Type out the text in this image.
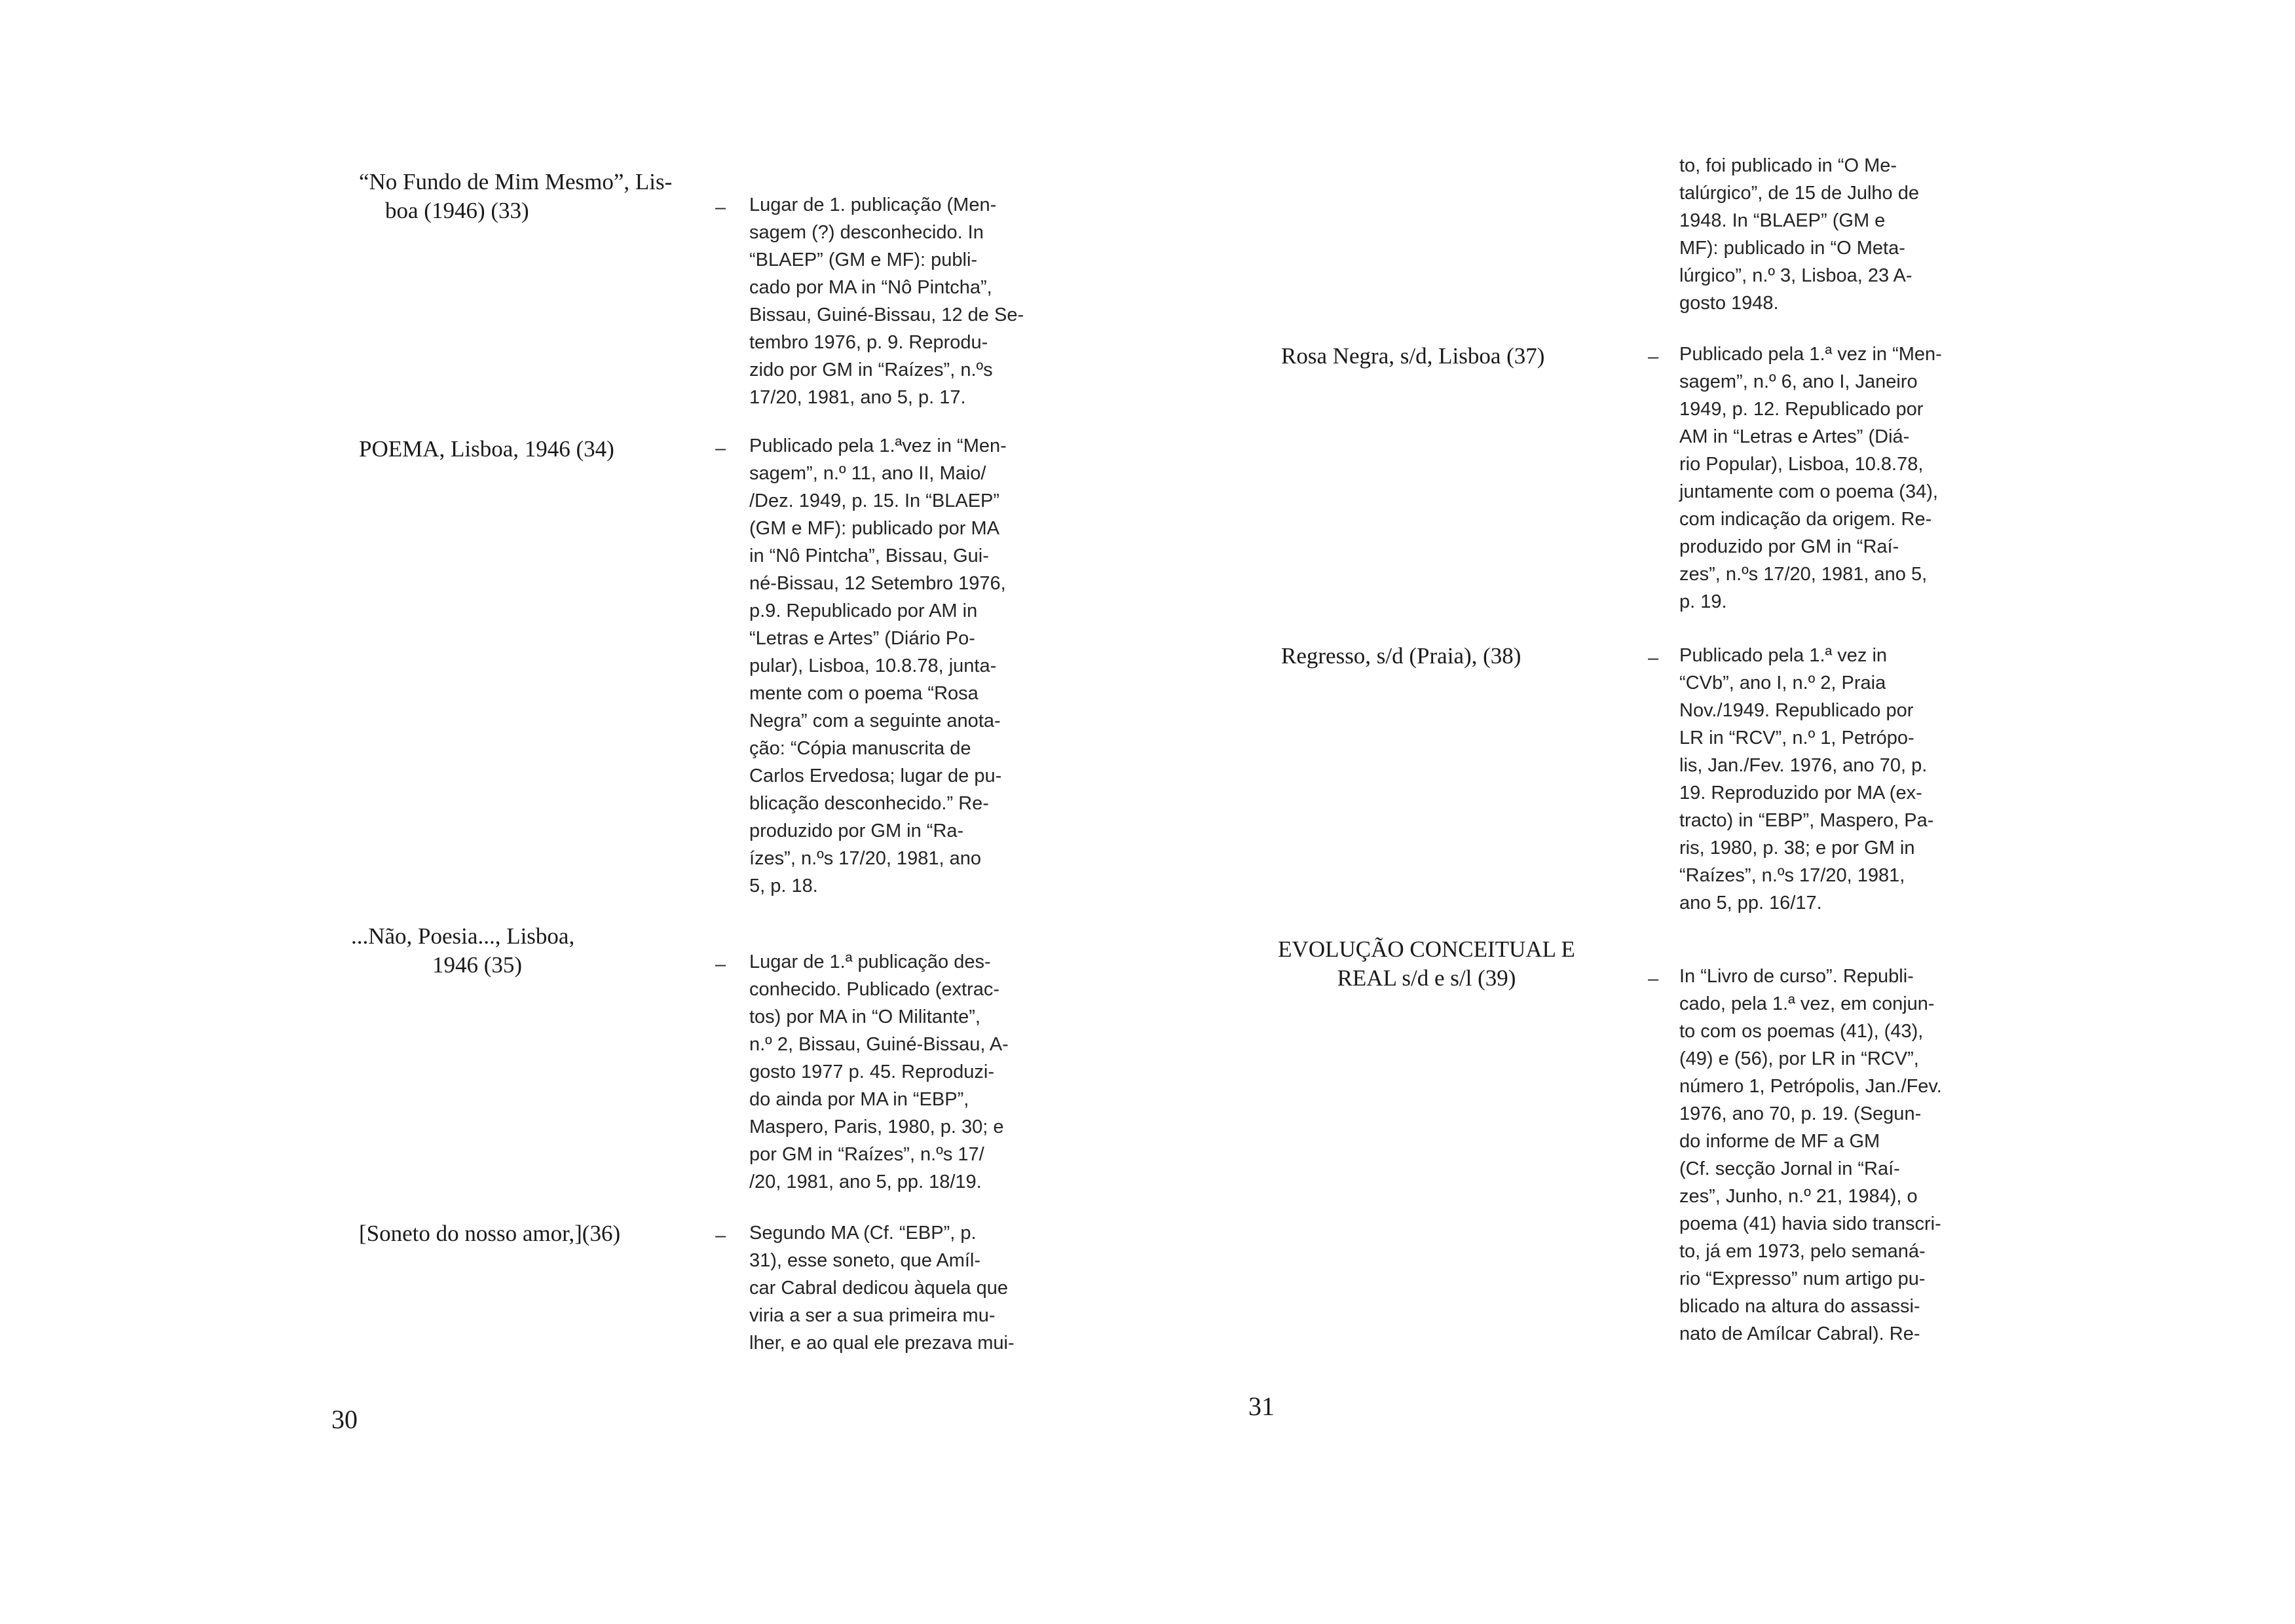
“No Fundo de Mim Mesmo”, Lis-
boa (1946) (33)	– Lugar de 1. publicação (Men-
sagem (?) desconhecido. In
“BLAEP” (GM e MF): publi-
cado por MA in “Nô Pintcha”,
Bissau, Guiné-Bissau, 12 de Se-
tembro 1976, p. 9. Reprodu-
zido por GM in “Raízes”, n.ºs
17/20, 1981, ano 5, p. 17.
POEMA, Lisboa, 1946 (34)	– Publicado pela 1.ªvez in “Men-
sagem”, n.º 11, ano II, Maio/
/Dez. 1949, p. 15. In “BLAEP”
(GM e MF): publicado por MA
in “Nô Pintcha”, Bissau, Gui-
né-Bissau, 12 Setembro 1976,
p.9. Republicado por AM in
“Letras e Artes” (Diário Po-
pular), Lisboa, 10.8.78, junta-
mente com o poema “Rosa
Negra” com a seguinte anota-
ção: “Cópia manuscrita de
Carlos Ervedosa; lugar de pu-
blicação desconhecido.” Re-
produzido por GM in “Ra-
ízes”, n.ºs 17/20, 1981, ano
5, p. 18.
...Não, Poesia..., Lisboa,
1946 (35)	– Lugar de 1.ª publicação des-
conhecido. Publicado (extrac-
tos) por MA in “O Militante”,
n.º 2, Bissau, Guiné-Bissau, A-
gosto 1977 p. 45. Reproduzi-
do ainda por MA in “EBP”,
Maspero, Paris, 1980, p. 30; e
por GM in “Raízes”, n.ºs 17/
/20, 1981, ano 5, pp. 18/19.
[Soneto do nosso amor,](36)	– Segundo MA (Cf. “EBP”, p.
31), esse soneto, que Amíl-
car Cabral dedicou àquela que
viria a ser a sua primeira mu-
lher, e ao qual ele prezava mui-
30
to, foi publicado in “O Me-
talúrgico”, de 15 de Julho de
1948. In “BLAEP” (GM e
MF): publicado in “O Meta-
lúrgico”, n.º 3, Lisboa, 23 A-
gosto 1948.
Rosa Negra, s/d, Lisboa (37)	– Publicado pela 1.ª vez in “Men-
sagem”, n.º 6, ano I, Janeiro
1949, p. 12. Republicado por
AM in “Letras e Artes” (Diá-
rio Popular), Lisboa, 10.8.78,
juntamente com o poema (34),
com indicação da origem. Re-
produzido por GM in “Raí-
zes”, n.ºs 17/20, 1981, ano 5,
p. 19.
Regresso, s/d (Praia), (38)	– Publicado pela 1.ª vez in
“CVb”, ano I, n.º 2, Praia
Nov./1949. Republicado por
LR in “RCV”, n.º 1, Petrópo-
lis, Jan./Fev. 1976, ano 70, p.
19. Reproduzido por MA (ex-
tracto) in “EBP”, Maspero, Pa-
ris, 1980, p. 38; e por GM in
“Raízes”, n.ºs 17/20, 1981,
ano 5, pp. 16/17.
EVOLUÇÃO CONCEITUAL E
REAL s/d e s/l (39)	– In “Livro de curso”. Republi-
cado, pela 1.ª vez, em conjun-
to com os poemas (41), (43),
(49) e (56), por LR in “RCV”,
número 1, Petrópolis, Jan./Fev.
1976, ano 70, p. 19. (Segun-
do informe de MF a GM
(Cf. secção Jornal in “Raí-
zes”, Junho, n.º 21, 1984), o
poema (41) havia sido transcri-
to, já em 1973, pelo semaná-
rio “Expresso” num artigo pu-
blicado na altura do assassi-
nato de Amílcar Cabral). Re-
31
